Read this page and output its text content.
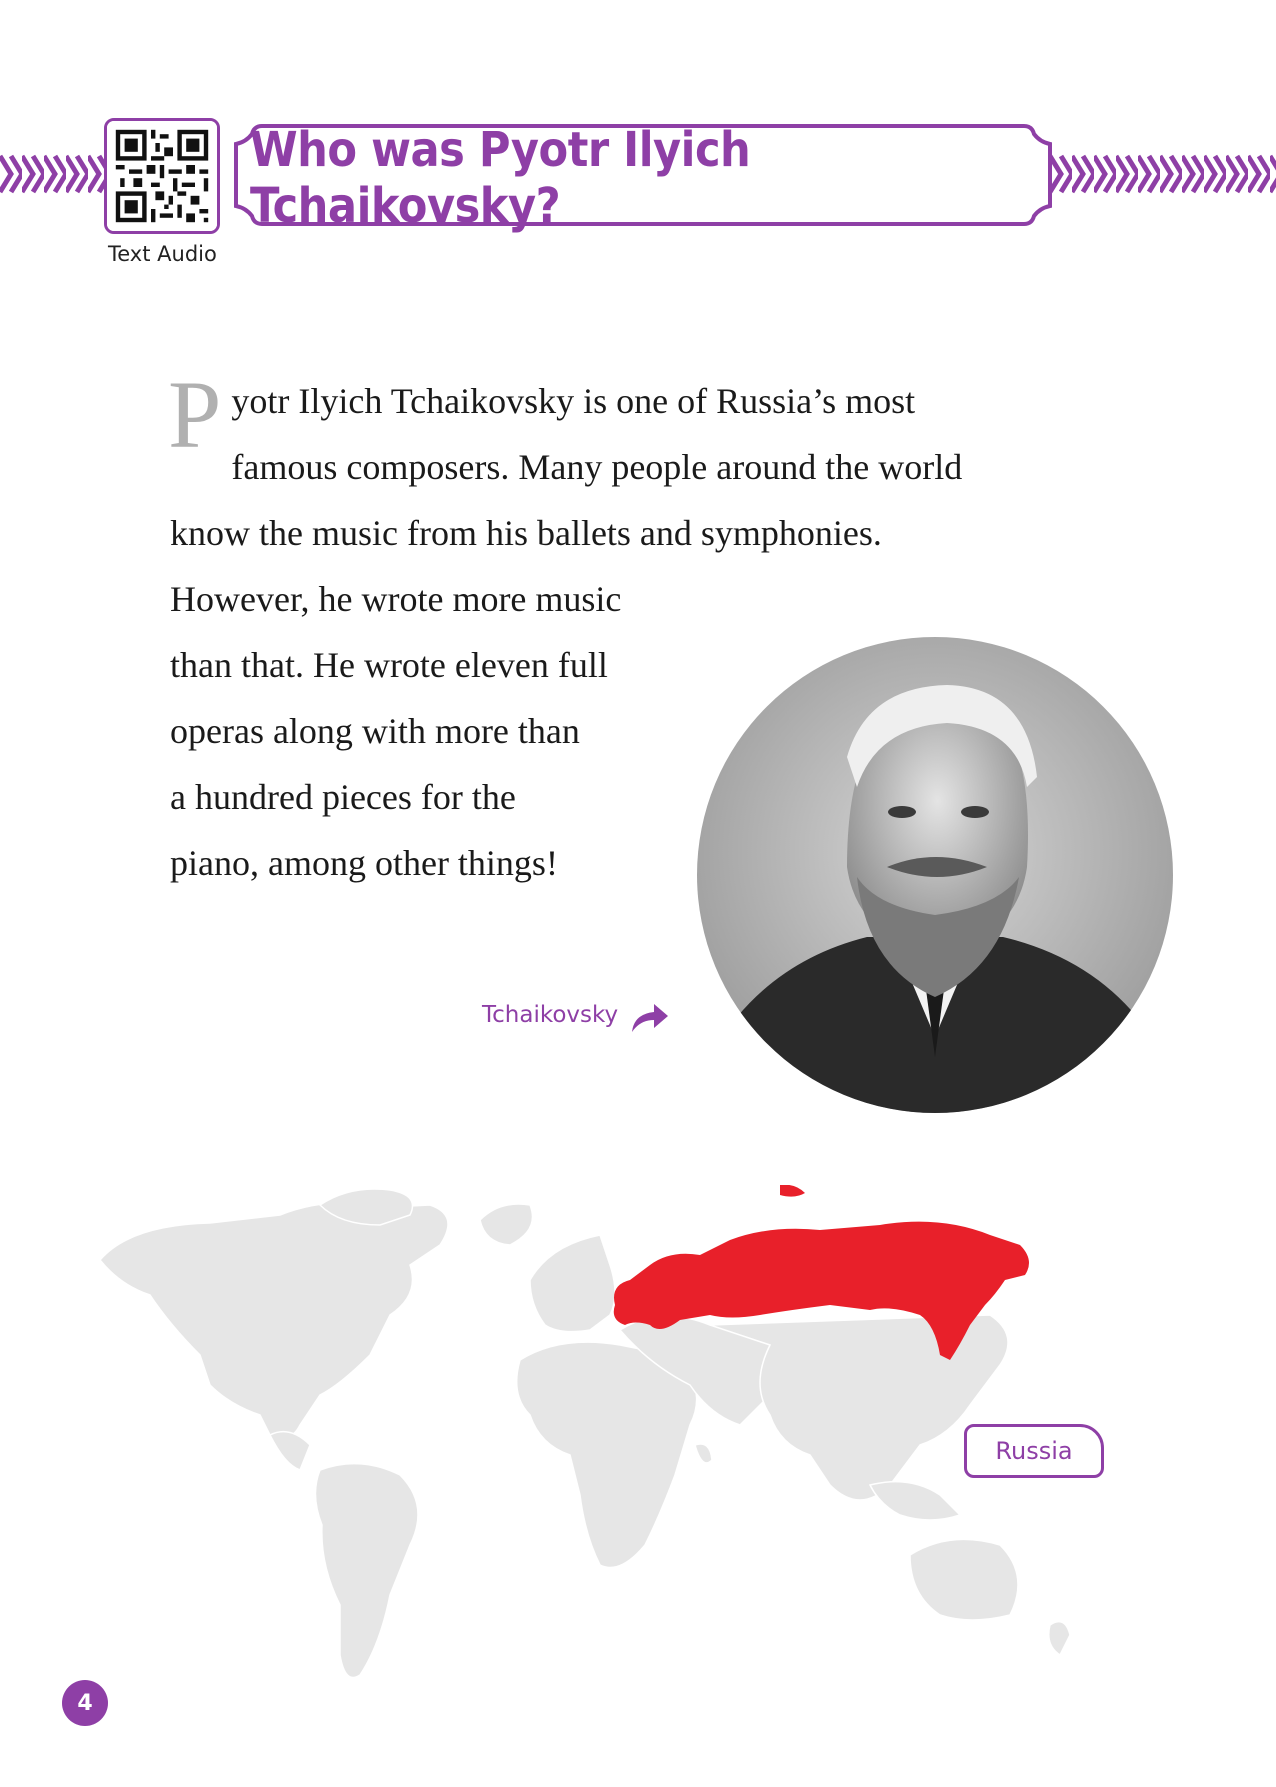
Text Audio
Who was Pyotr Ilyich Tchaikovsky?
P yotr Ilyich Tchaikovsky is one of Russia’s most
famous composers. Many people around the world
know the music from his ballets and symphonies.
However, he wrote more music
than that. He wrote eleven full
operas along with more than
a hundred pieces for the
piano, among other things!
Tchaikovsky
Russia
4
